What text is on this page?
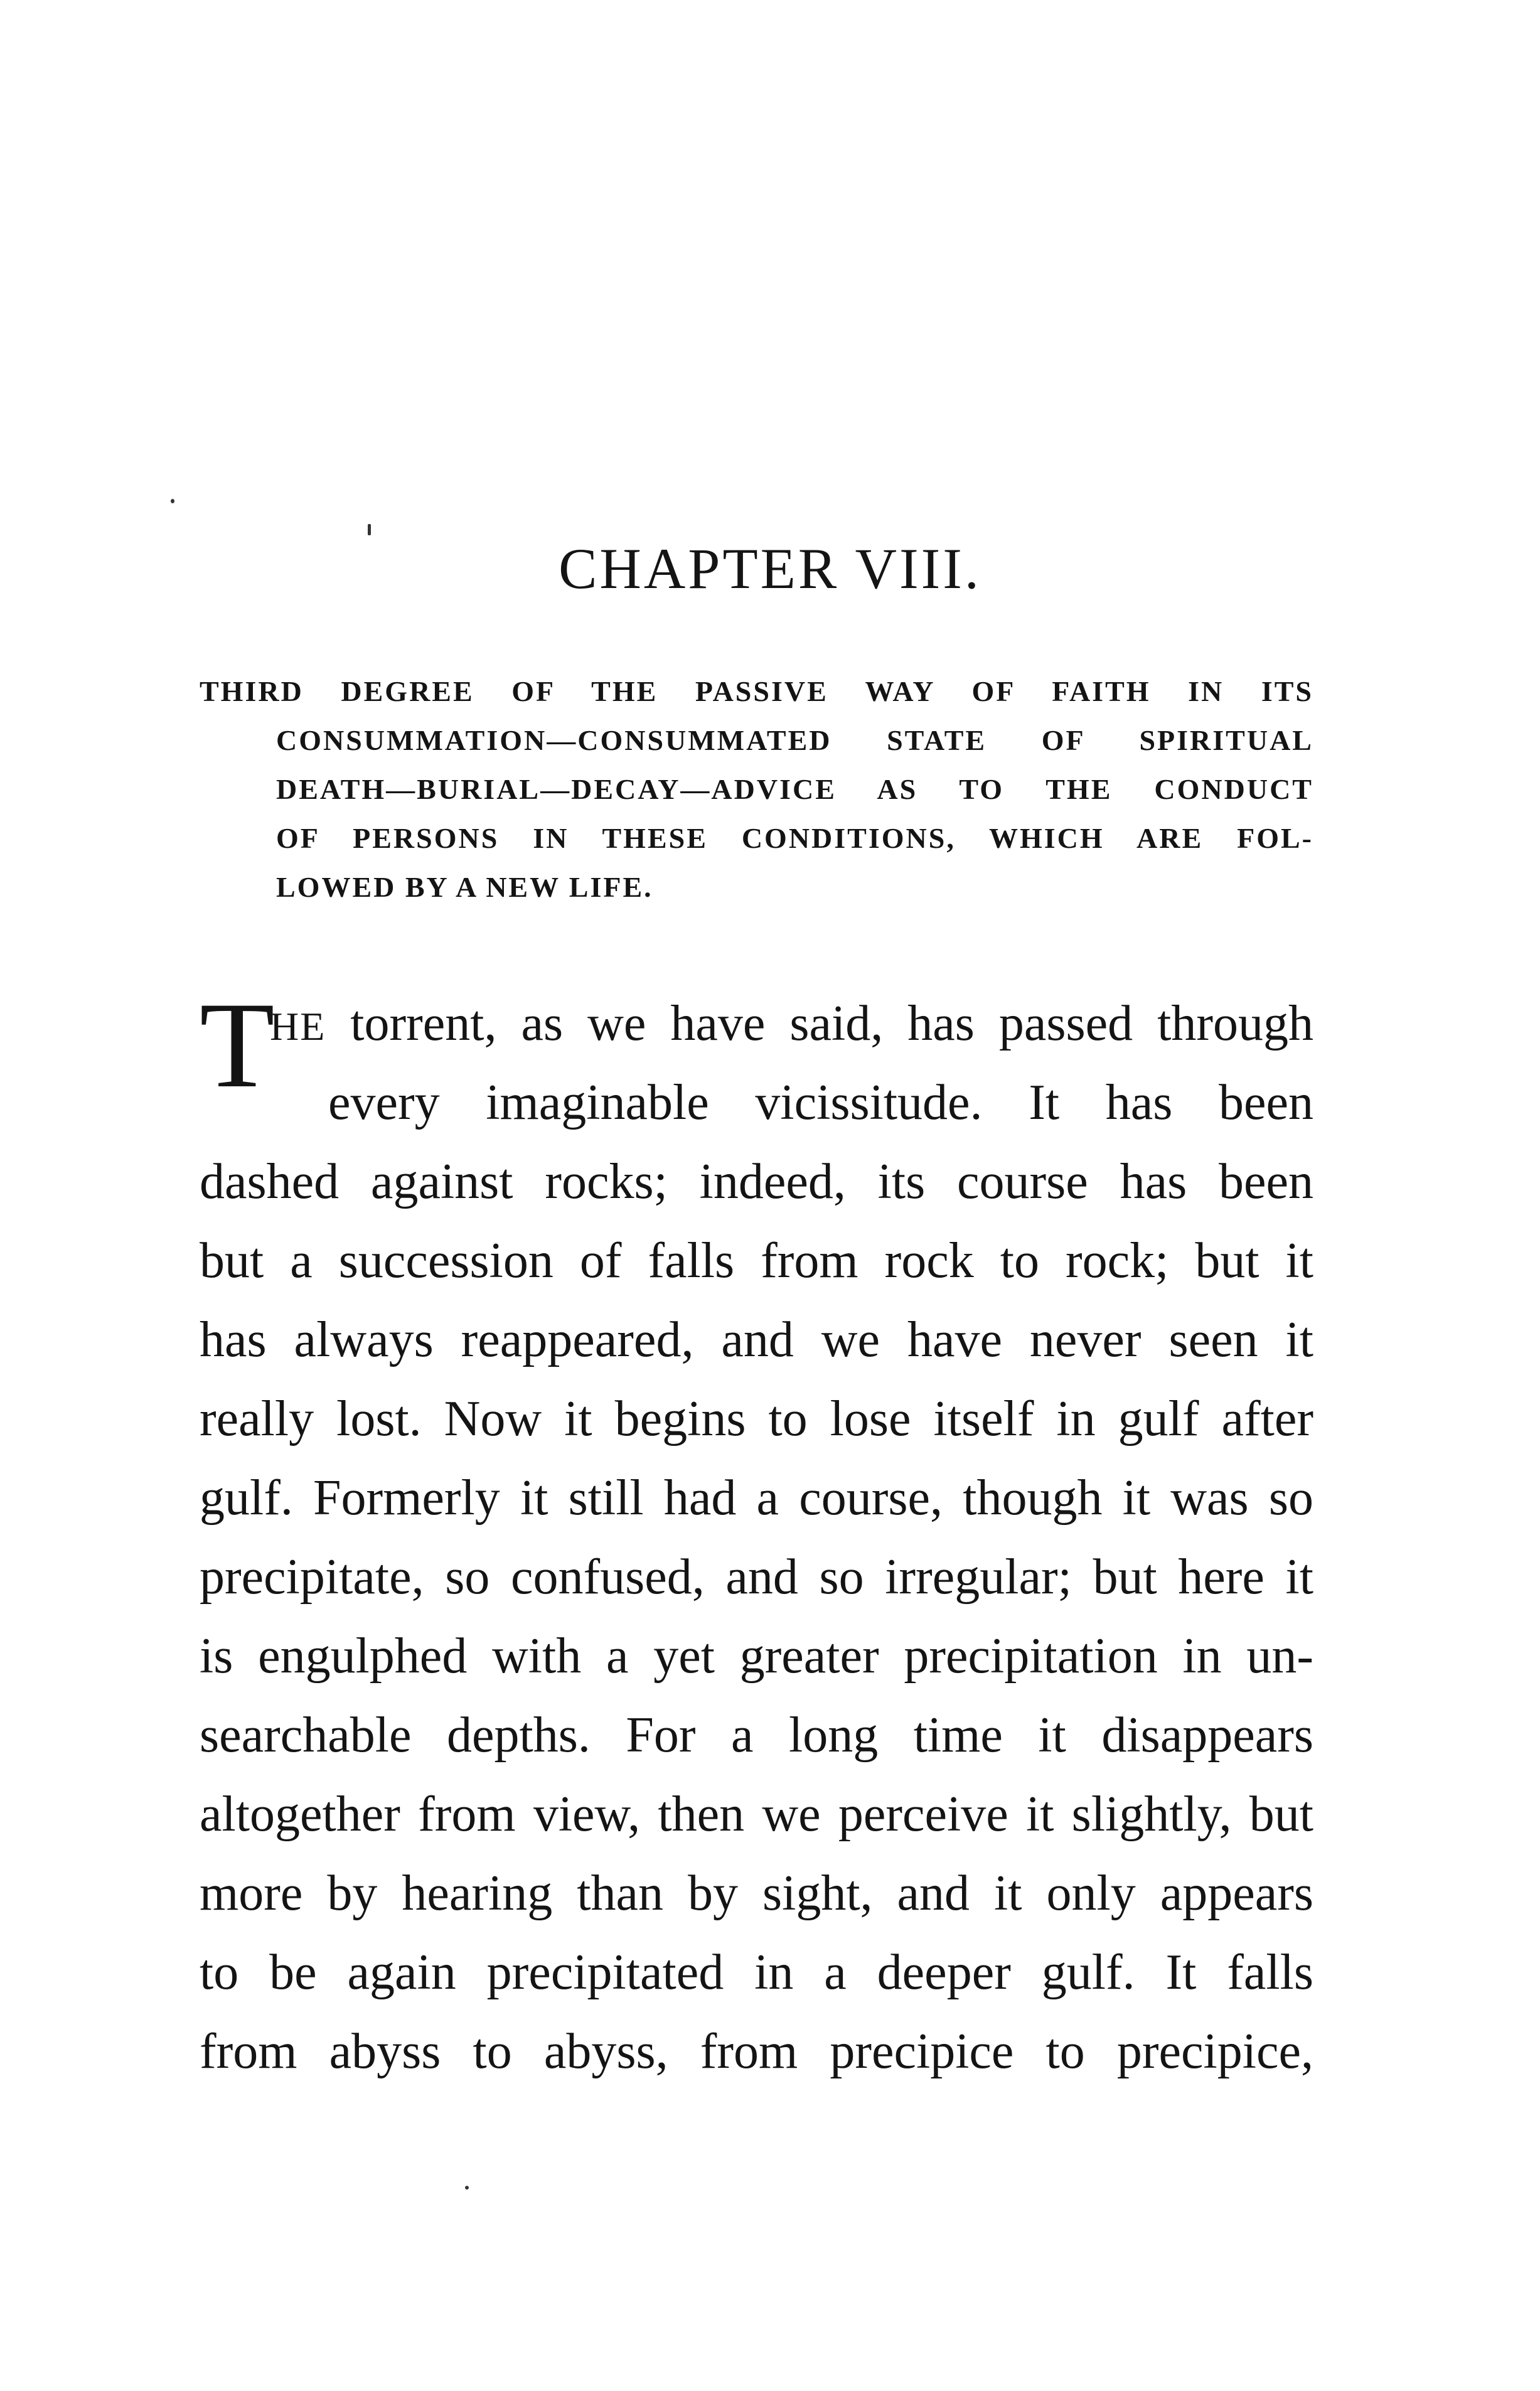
CHAPTER VIII.
THIRD DEGREE OF THE PASSIVE WAY OF FAITH IN ITS
CONSUMMATION—CONSUMMATED STATE OF SPIRITUAL
DEATH—BURIAL—DECAY—ADVICE AS TO THE CONDUCT
OF PERSONS IN THESE CONDITIONS, WHICH ARE FOL-
LOWED BY A NEW LIFE.
T
HE torrent, as we have said, has passed through
every imaginable vicissitude. It has been
dashed against rocks; indeed, its course has been
but a succession of falls from rock to rock; but it
has always reappeared, and we have never seen it
really lost. Now it begins to lose itself in gulf after
gulf. Formerly it still had a course, though it was so
precipitate, so confused, and so irregular; but here it
is engulphed with a yet greater precipitation in un-
searchable depths. For a long time it disappears
altogether from view, then we perceive it slightly, but
more by hearing than by sight, and it only appears
to be again precipitated in a deeper gulf. It falls
from abyss to abyss, from precipice to precipice,
